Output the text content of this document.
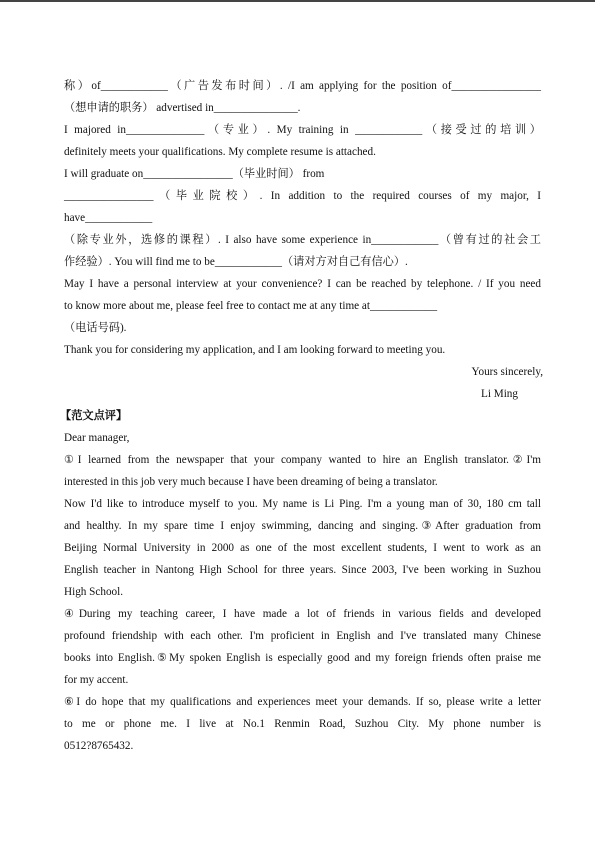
称）of____________（广告发布时间）. /I am applying for the position of________________
（想申请的职务） advertised in_______________.
I majored in______________（专业）. My training in ____________（接受过的培训）
definitely meets your qualifications. My complete resume is attached.
I will graduate on________________（毕业时间） from
________________（毕业院校）. In addition to the required courses of my major, I
have____________
（除专业外，选修的课程）. I also have some experience in____________（曾有过的社会工
作经验）. You will find me to be____________（请对方对自己有信心）.
May I have a personal interview at your convenience? I can be reached by telephone. / If you need
to know more about me, please feel free to contact me at any time at____________
（电话号码).
Thank you for considering my application, and I am looking forward to meeting you.
Yours sincerely,
Li Ming
【范文点评】
Dear manager,
①I learned from the newspaper that your company wanted to hire an English translator.②I'm
interested in this job very much because I have been dreaming of being a translator.
Now I'd like to introduce myself to you. My name is Li Ping. I'm a young man of 30, 180 cm tall
and healthy. In my spare time I enjoy swimming, dancing and singing.③After graduation from
Beijing Normal University in 2000 as one of the most excellent students, I went to work as an
English teacher in Nantong High School for three years. Since 2003, I've been working in Suzhou
High School.
④During my teaching career, I have made a lot of friends in various fields and developed
profound friendship with each other. I'm proficient in English and I've translated many Chinese
books into English.⑤My spoken English is especially good and my foreign friends often praise me
for my accent.
⑥I do hope that my qualifications and experiences meet your demands. If so, please write a letter
to me or phone me. I live at No.1 Renmin Road, Suzhou City. My phone number is
0512?8765432.
